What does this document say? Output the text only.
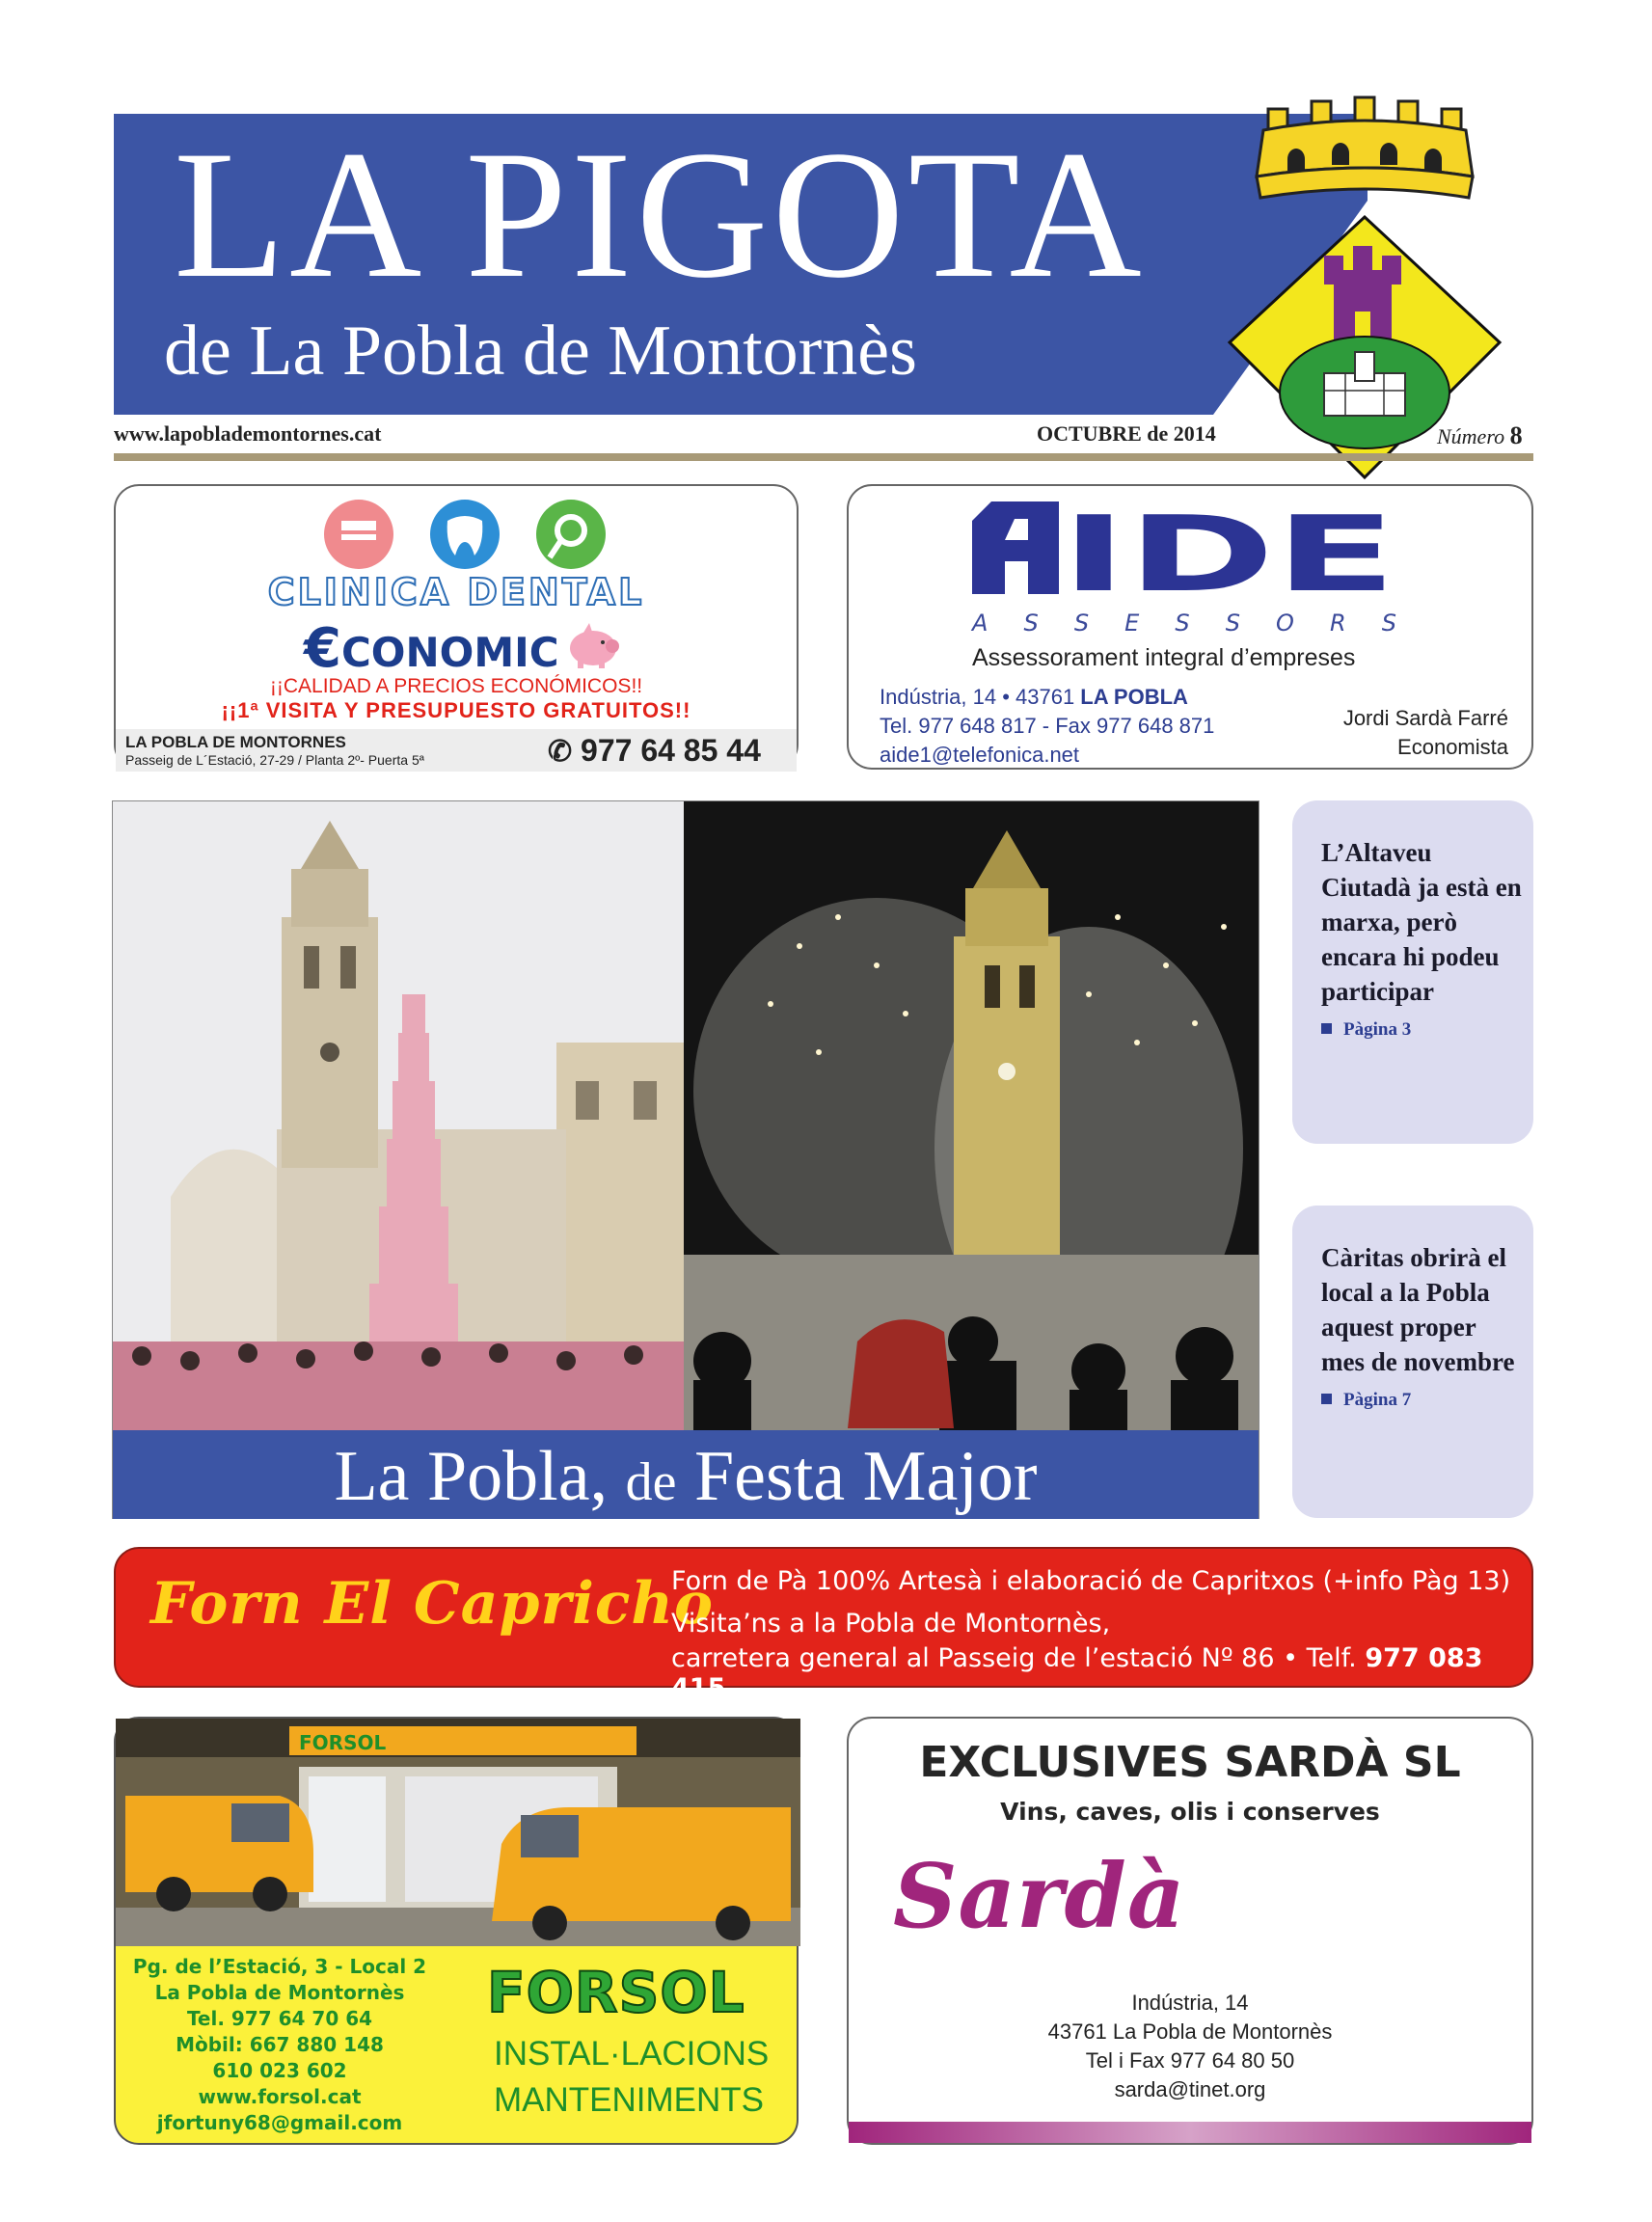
LA PIGOTA
de La Pobla de Montornès
www.lapoblademontornes.cat	OCTUBRE de 2014	Número 8
CLINICA DENTAL
€CONOMIC
¡¡CALIDAD A PRECIOS ECONÓMICOS!!
¡¡1ª VISITA Y PRESUPUESTO GRATUITOS!!
LA POBLA DE MONTORNES
Passeig de L´Estació, 27-29 / Planta 2º- Puerta 5ª	✆ 977 64 85 44
IDE
A S S E S S O R S
Assessorament integral d’empreses
Indústria, 14 • 43761 LA POBLA
Tel. 977 648 817 - Fax 977 648 871
aide1@telefonica.net
Jordi Sardà Farré
Economista
La Pobla, de Festa Major
L’Altaveu Ciutadà ja està en marxa, però encara hi podeu participar
Pàgina 3
Càritas obrirà el local a la Pobla aquest proper mes de novembre
Pàgina 7
Forn El Capricho
Forn de Pà 100% Artesà i elaboració de Capritxos (+info Pàg 13)
Visita’ns a la Pobla de Montornès,
carretera general al Passeig de l’estació Nº 86 • Telf. 977 083 415
FORSOL
Pg. de l’Estació, 3 - Local 2
La Pobla de Montornès
Tel. 977 64 70 64
Mòbil: 667 880 148
610 023 602
www.forsol.cat
jfortuny68@gmail.com
FORSOL
INSTAL·LACIONS
MANTENIMENTS
EXCLUSIVES SARDÀ SL
Vins, caves, olis i conserves
Sardà
Indústria, 14
43761 La Pobla de Montornès
Tel i Fax 977 64 80 50
sarda@tinet.org
